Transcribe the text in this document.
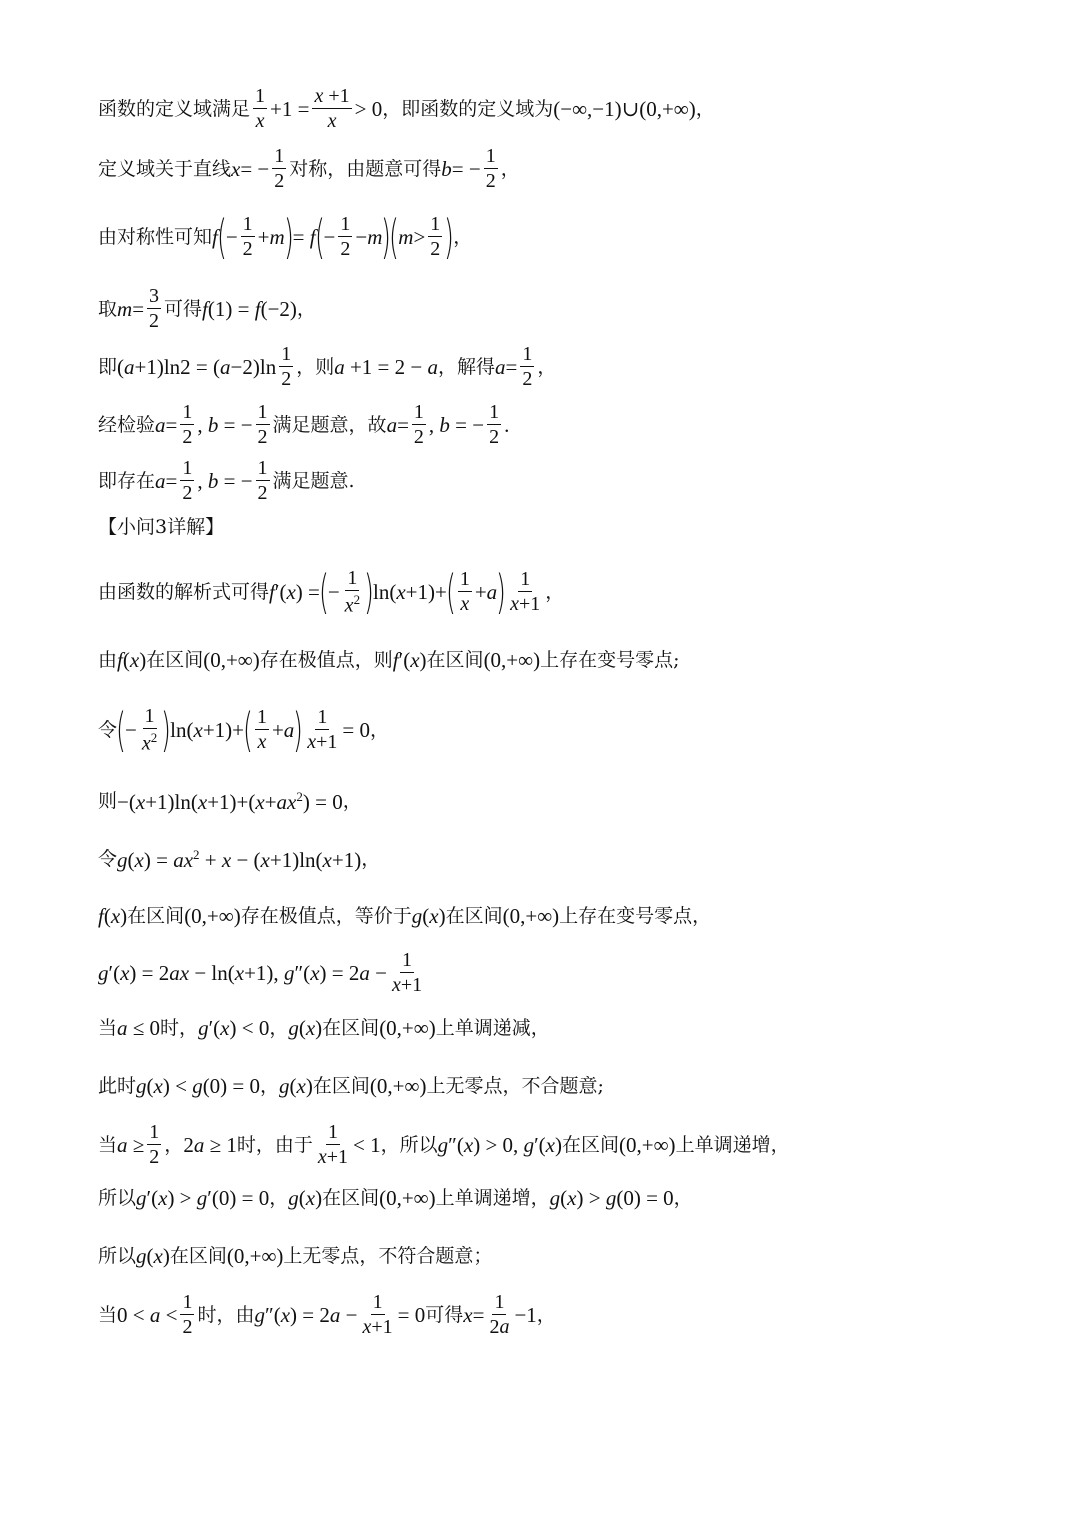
函数的定义域满足 $\frac{1}{x} +1 = \frac{x +1}{x} > 0$ ，即函数的定义域为 (−∞,−1)∪(0,+∞) ，
定义域关于直线 x = − $\frac{1}{2}$ 对称，由题意可得 b = − $\frac{1}{2}$ ，
由对称性可知 f ( − $\frac{1}{2} +m$ ) = f ( − $\frac{1}{2} -m$ )
( $m > \frac{1}{2}$ ) ，
取 $m = \frac{3}{2}$ 可得 f(1) = f(−2) ，
即 $(a+1)\ln 2 = (a-2)\ln \frac{1}{2}$ ，则 a +1 = 2 − a ，解得 $a = \frac{1}{2}$ ，
经检验 $a = \frac{1}{2}$ , b = − $\frac{1}{2}$ 满足题意，故 $a = \frac{1}{2}$ , b = − $\frac{1}{2}$ .
即存在 $a = \frac{1}{2}$ , b = − $\frac{1}{2}$ 满足题意.
【小问3详解】
由函数的解析式可得 f′(x) = ( − $\frac{1}{x^2}$ ) ln(x+1)+ ( $\frac{1}{x} +a$ ) $\frac{1}{x+1}$ ，
由 f(x) 在区间 (0,+∞) 存在极值点，则 f′(x) 在区间 (0,+∞) 上存在变号零点;
令 ( − $\frac{1}{x^2}$ ) ln(x+1)+ ( $\frac{1}{x} +a$ ) $\frac{1}{x+1} = 0$ ，
则 $-(x+1)\ln(x+1)+(x+ax^2) = 0$ ，
令 $g(x) = ax^2 + x - (x+1)\ln(x+1)$ ，
f(x) 在区间 (0,+∞) 存在极值点，等价于 g(x) 在区间 (0,+∞) 上存在变号零点，
g′(x) = 2ax − ln(x+1), $g''(x) = 2a - \frac{1}{x+1}$
当 a ≤ 0 时， g′(x) < 0 ， g(x) 在区间 (0,+∞) 上单调递减，
此时 g(x) < g(0) = 0 ， g(x) 在区间 (0,+∞) 上无零点，不合题意;
当 $a \ge \frac{1}{2}$ ， 2a ≥ 1 时，由于 $\frac{1}{x+1} < 1$ ，所以 g″(x) > 0, g′(x) 在区间 (0,+∞) 上单调递增，
所以 g′(x) > g′(0) = 0 ， g(x) 在区间 (0,+∞) 上单调递增， g(x) > g(0) = 0 ，
所以 g(x) 在区间 (0,+∞) 上无零点，不符合题意；
当 $0 < a < \frac{1}{2}$ 时，由 $g''(x) = 2a - \frac{1}{x+1} = 0$ 可得 $x = \frac{1}{2a} -1$ ，
